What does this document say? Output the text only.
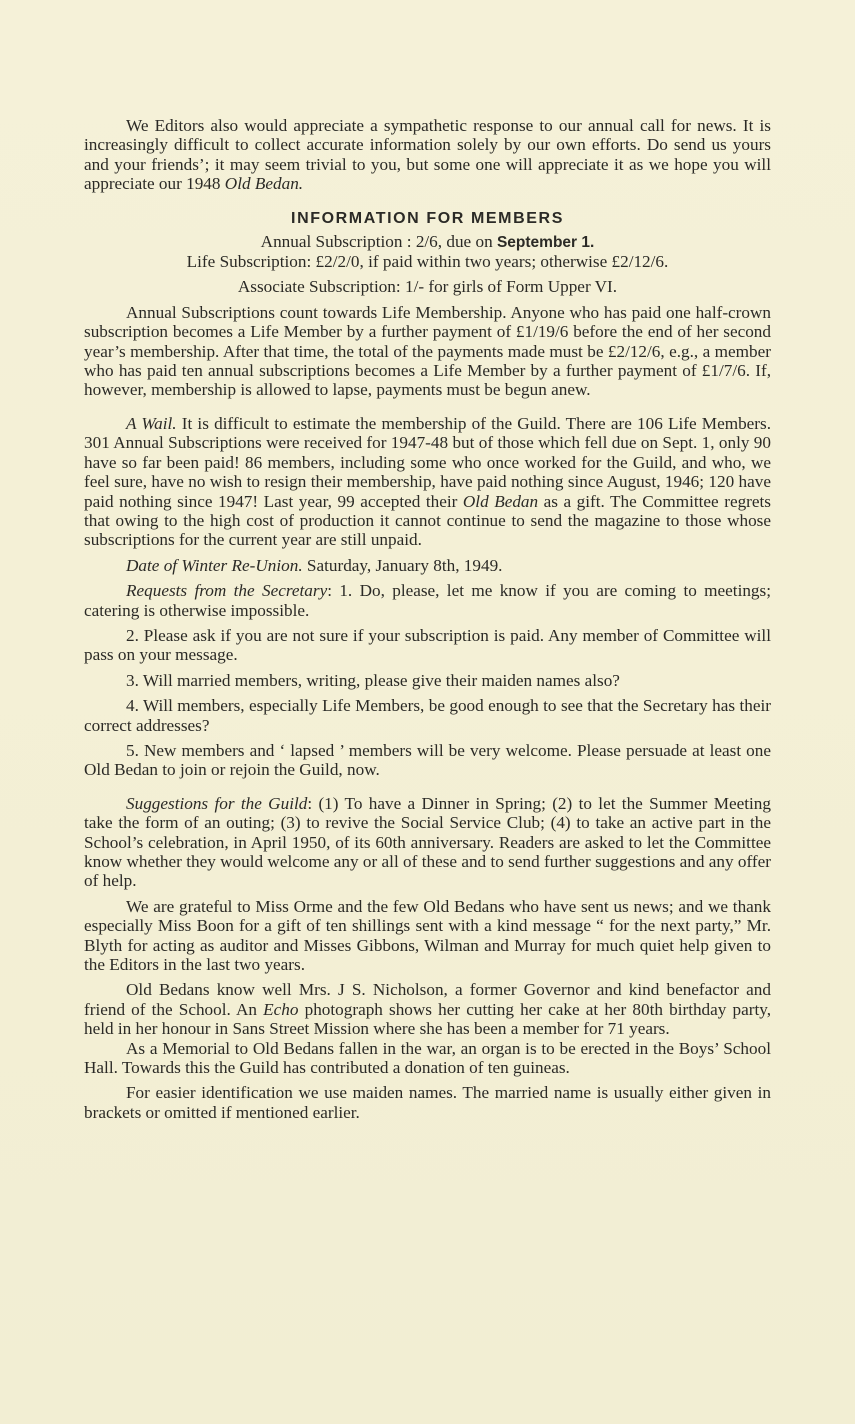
We Editors also would appreciate a sympathetic response to our annual call for news. It is increasingly difficult to collect accurate information solely by our own efforts. Do send us yours and your friends’; it may seem trivial to you, but some one will appreciate it as we hope you will appreciate our 1948 Old Bedan.

INFORMATION FOR MEMBERS

Annual Subscription : 2/6, due on September 1.

Life Subscription: £2/2/0, if paid within two years; otherwise £2/12/6.

Associate Subscription: 1/- for girls of Form Upper VI.

Annual Subscriptions count towards Life Membership. Anyone who has paid one half-crown subscription becomes a Life Member by a further payment of £1/19/6 before the end of her second year’s membership. After that time, the total of the payments made must be £2/12/6, e.g., a member who has paid ten annual subscriptions becomes a Life Member by a further payment of £1/7/6. If, however, membership is allowed to lapse, payments must be begun anew.

A Wail. It is difficult to estimate the membership of the Guild. There are 106 Life Members. 301 Annual Subscriptions were received for 1947-48 but of those which fell due on Sept. 1, only 90 have so far been paid! 86 members, including some who once worked for the Guild, and who, we feel sure, have no wish to resign their membership, have paid nothing since August, 1946; 120 have paid nothing since 1947! Last year, 99 accepted their Old Bedan as a gift. The Committee regrets that owing to the high cost of production it cannot continue to send the magazine to those whose subscriptions for the current year are still unpaid.

Date of Winter Re-Union. Saturday, January 8th, 1949.

Requests from the Secretary: 1. Do, please, let me know if you are coming to meetings; catering is otherwise impossible.

2. Please ask if you are not sure if your subscription is paid. Any member of Committee will pass on your message.

3. Will married members, writing, please give their maiden names also?

4. Will members, especially Life Members, be good enough to see that the Secretary has their correct addresses?

5. New members and ‘ lapsed ’ members will be very welcome. Please persuade at least one Old Bedan to join or rejoin the Guild, now.

Suggestions for the Guild: (1) To have a Dinner in Spring; (2) to let the Summer Meeting take the form of an outing; (3) to revive the Social Service Club; (4) to take an active part in the School’s celebration, in April 1950, of its 60th anniversary. Readers are asked to let the Committee know whether they would welcome any or all of these and to send further suggestions and any offer of help.

We are grateful to Miss Orme and the few Old Bedans who have sent us news; and we thank especially Miss Boon for a gift of ten shillings sent with a kind message “ for the next party,” Mr. Blyth for acting as auditor and Misses Gibbons, Wilman and Murray for much quiet help given to the Editors in the last two years.

Old Bedans know well Mrs. J S. Nicholson, a former Governor and kind benefactor and friend of the School. An Echo photograph shows her cutting her cake at her 80th birthday party, held in her honour in Sans Street Mission where she has been a member for 71 years.

As a Memorial to Old Bedans fallen in the war, an organ is to be erected in the Boys’ School Hall. Towards this the Guild has contributed a donation of ten guineas.

For easier identification we use maiden names. The married name is usually either given in brackets or omitted if mentioned earlier.
